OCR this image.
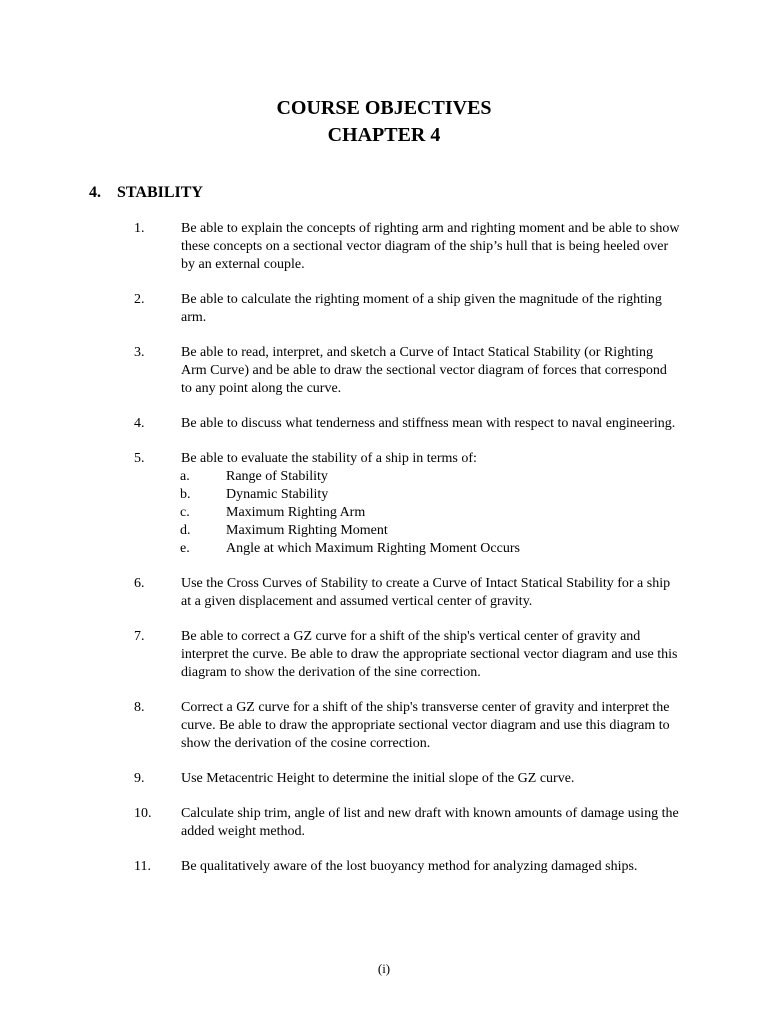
COURSE OBJECTIVES
CHAPTER 4
4. STABILITY
1.	Be able to explain the concepts of righting arm and righting moment and be able to show these concepts on a sectional vector diagram of the ship’s hull that is being heeled over by an external couple.
2.	Be able to calculate the righting moment of a ship given the magnitude of the righting arm.
3.	Be able to read, interpret, and sketch a Curve of Intact Statical Stability (or Righting Arm Curve) and be able to draw the sectional vector diagram of forces that correspond to any point along the curve.
4.	Be able to discuss what tenderness and stiffness mean with respect to naval engineering.
5.	Be able to evaluate the stability of a ship in terms of:
a.	Range of Stability
b.	Dynamic Stability
c.	Maximum Righting Arm
d.	Maximum Righting Moment
e.	Angle at which Maximum Righting Moment Occurs
6.	Use the Cross Curves of Stability to create a Curve of Intact Statical Stability for a ship at a given displacement and assumed vertical center of gravity.
7.	Be able to correct a GZ curve for a shift of the ship's vertical center of gravity and interpret the curve. Be able to draw the appropriate sectional vector diagram and use this diagram to show the derivation of the sine correction.
8.	Correct a GZ curve for a shift of the ship's transverse center of gravity and interpret the curve. Be able to draw the appropriate sectional vector diagram and use this diagram to show the derivation of the cosine correction.
9.	Use Metacentric Height to determine the initial slope of the GZ curve.
10.	Calculate ship trim, angle of list and new draft with known amounts of damage using the added weight method.
11.	Be qualitatively aware of the lost buoyancy method for analyzing damaged ships.
(i)
